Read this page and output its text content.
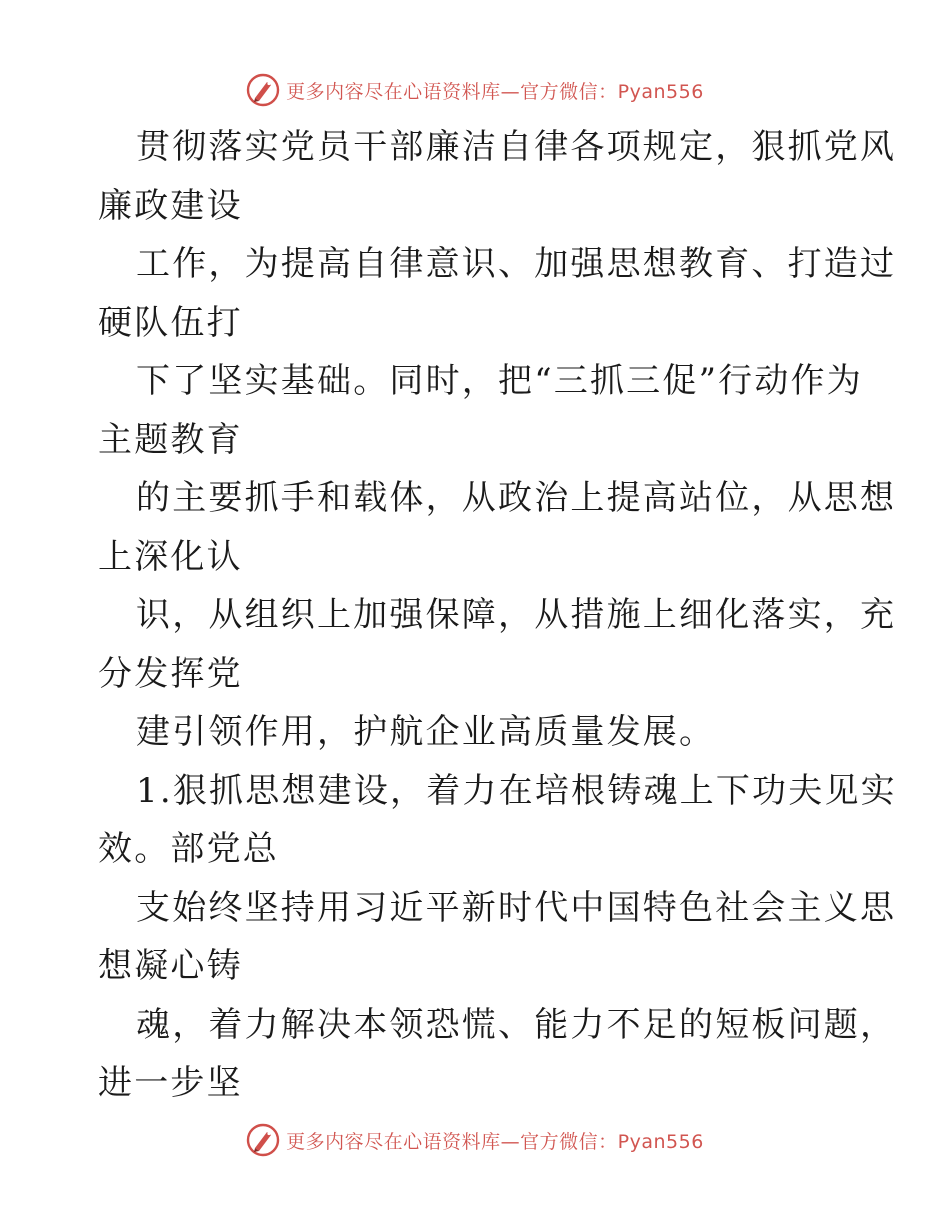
更多内容尽在心语资料库—官方微信：Pyan556

贯彻落实党员干部廉洁自律各项规定，狠抓党风

廉政建设

工作，为提高自律意识、加强思想教育、打造过

硬队伍打

下了坚实基础。同时，把“三抓三促”行动作为

主题教育

的主要抓手和载体，从政治上提高站位，从思想

上深化认

识，从组织上加强保障，从措施上细化落实，充

分发挥党

建引领作用，护航企业高质量发展。

1.狠抓思想建设，着力在培根铸魂上下功夫见实

效。部党总

支始终坚持用习近平新时代中国特色社会主义思

想凝心铸

魂，着力解决本领恐慌、能力不足的短板问题，

进一步坚

更多内容尽在心语资料库—官方微信：Pyan556
